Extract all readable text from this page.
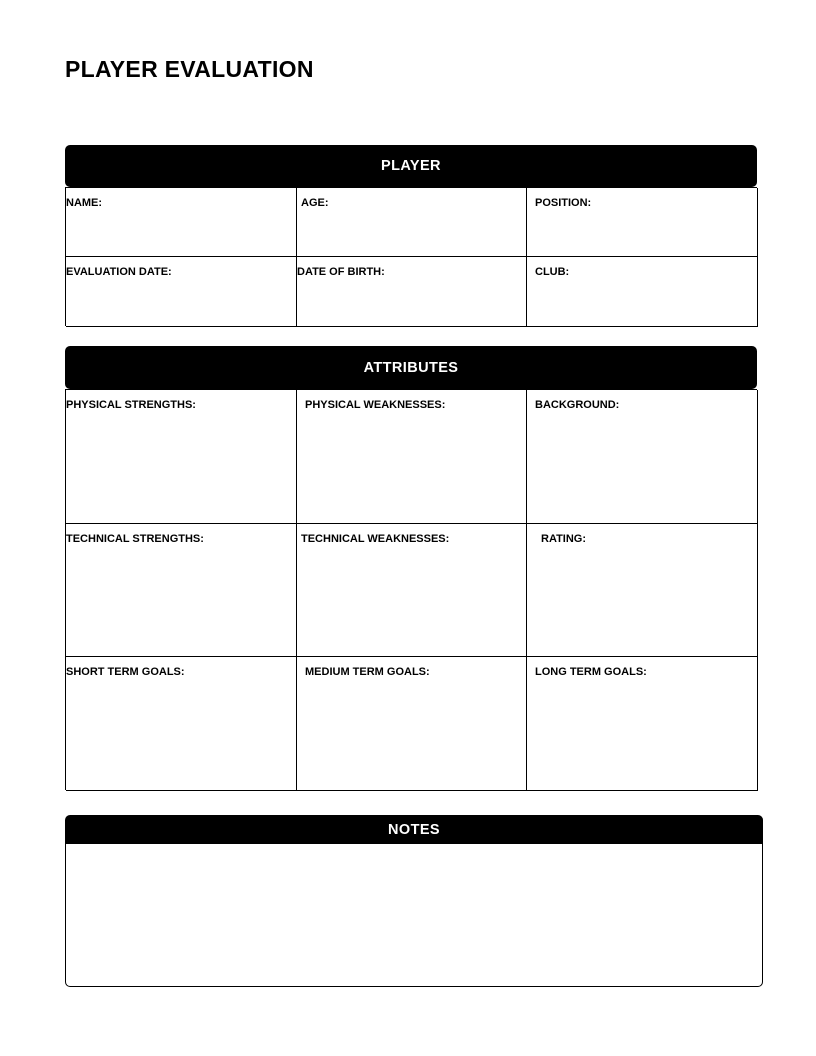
PLAYER EVALUATION
PLAYER
NAME:	AGE:	POSITION:
EVALUATION DATE:	DATE OF BIRTH:	CLUB:
ATTRIBUTES
PHYSICAL STRENGTHS:	PHYSICAL WEAKNESSES:	BACKGROUND:
TECHNICAL STRENGTHS:	TECHNICAL WEAKNESSES:	RATING:
SHORT TERM GOALS:	MEDIUM TERM GOALS:	LONG TERM GOALS:
NOTES
